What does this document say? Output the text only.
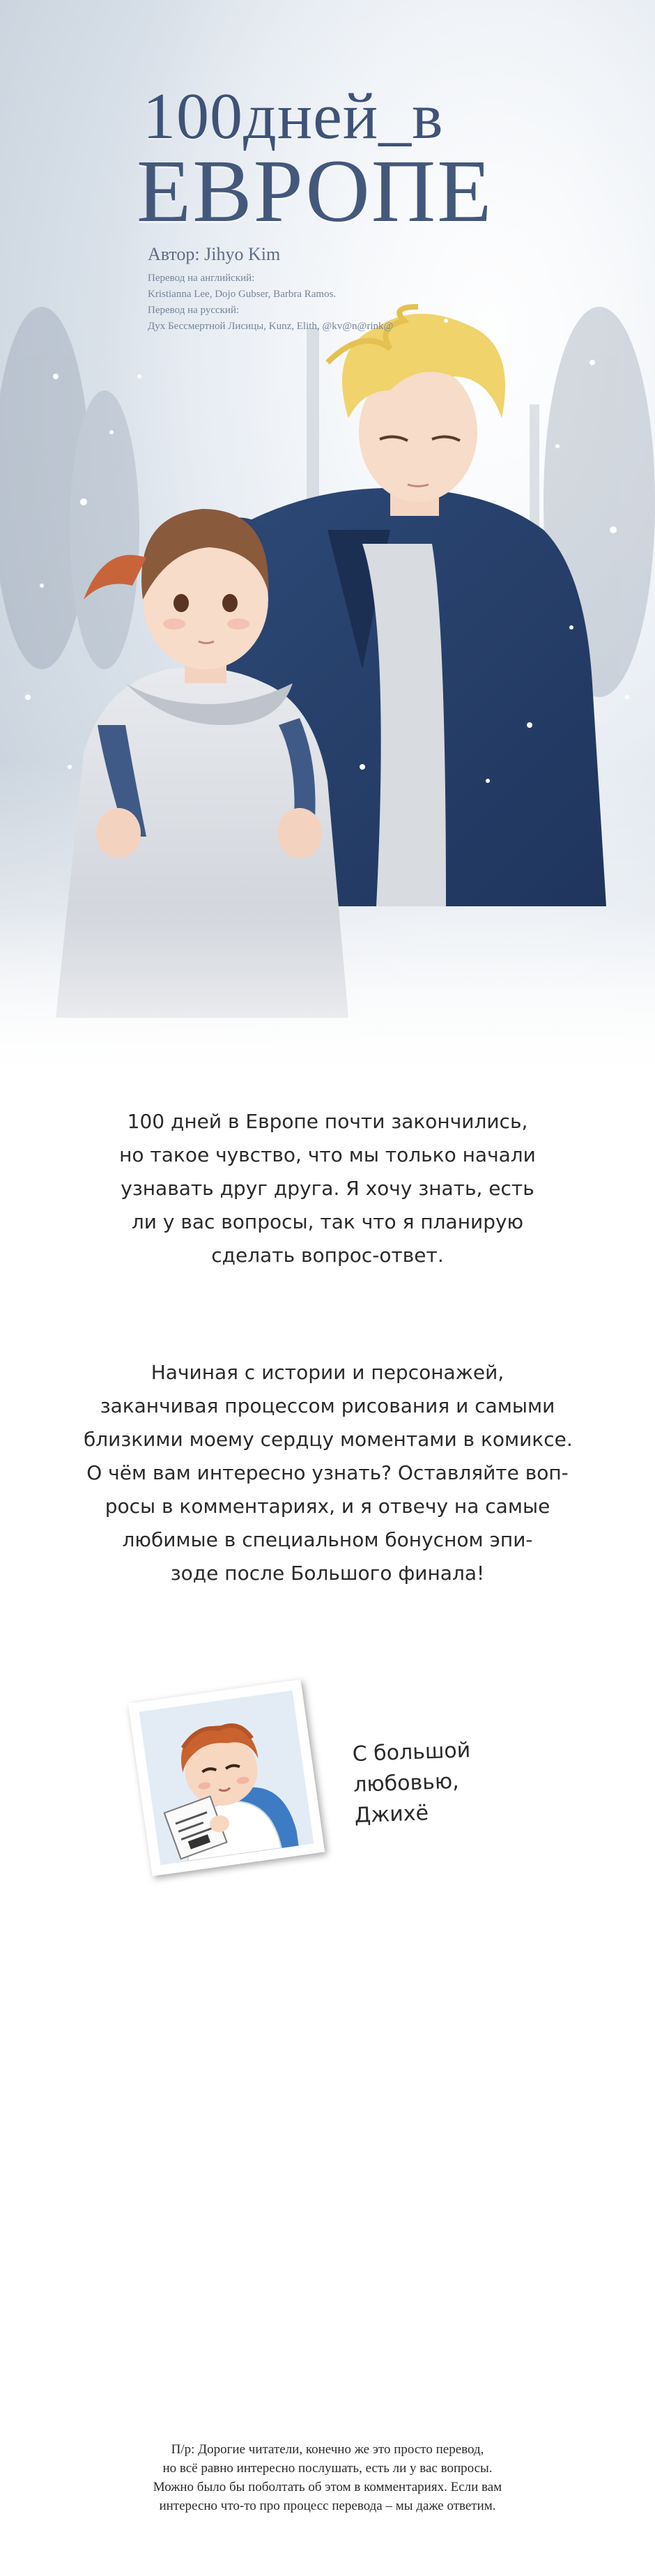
100дней_в
ЕВРОПЕ
Автор: Jihyo Kim
Перевод на английский:
Kristianna Lee, Dojo Gubser, Barbra Ramos.
Перевод на русский:
Дух Бессмертной Лисицы, Kunz, Elith, @kv@n@rink@
100 дней в Европе почти закончились,
но такое чувство, что мы только начали
узнавать друг друга. Я хочу знать, есть
ли у вас вопросы, так что я планирую
сделать вопрос-ответ.
Начиная с истории и персонажей,
заканчивая процессом рисования и самыми
близкими моему сердцу моментами в комиксе.
О чём вам интересно узнать? Оставляйте воп-
росы в комментариях, и я отвечу на самые
любимые в специальном бонусном эпи-
зоде после Большого финала!
С большой
любовью,
Джихё
П/р: Дорогие читатели, конечно же это просто перевод,
но всё равно интересно послушать, есть ли у вас вопросы.
Можно было бы поболтать об этом в комментариях. Если вам
интересно что-то про процесс перевода – мы даже ответим.
